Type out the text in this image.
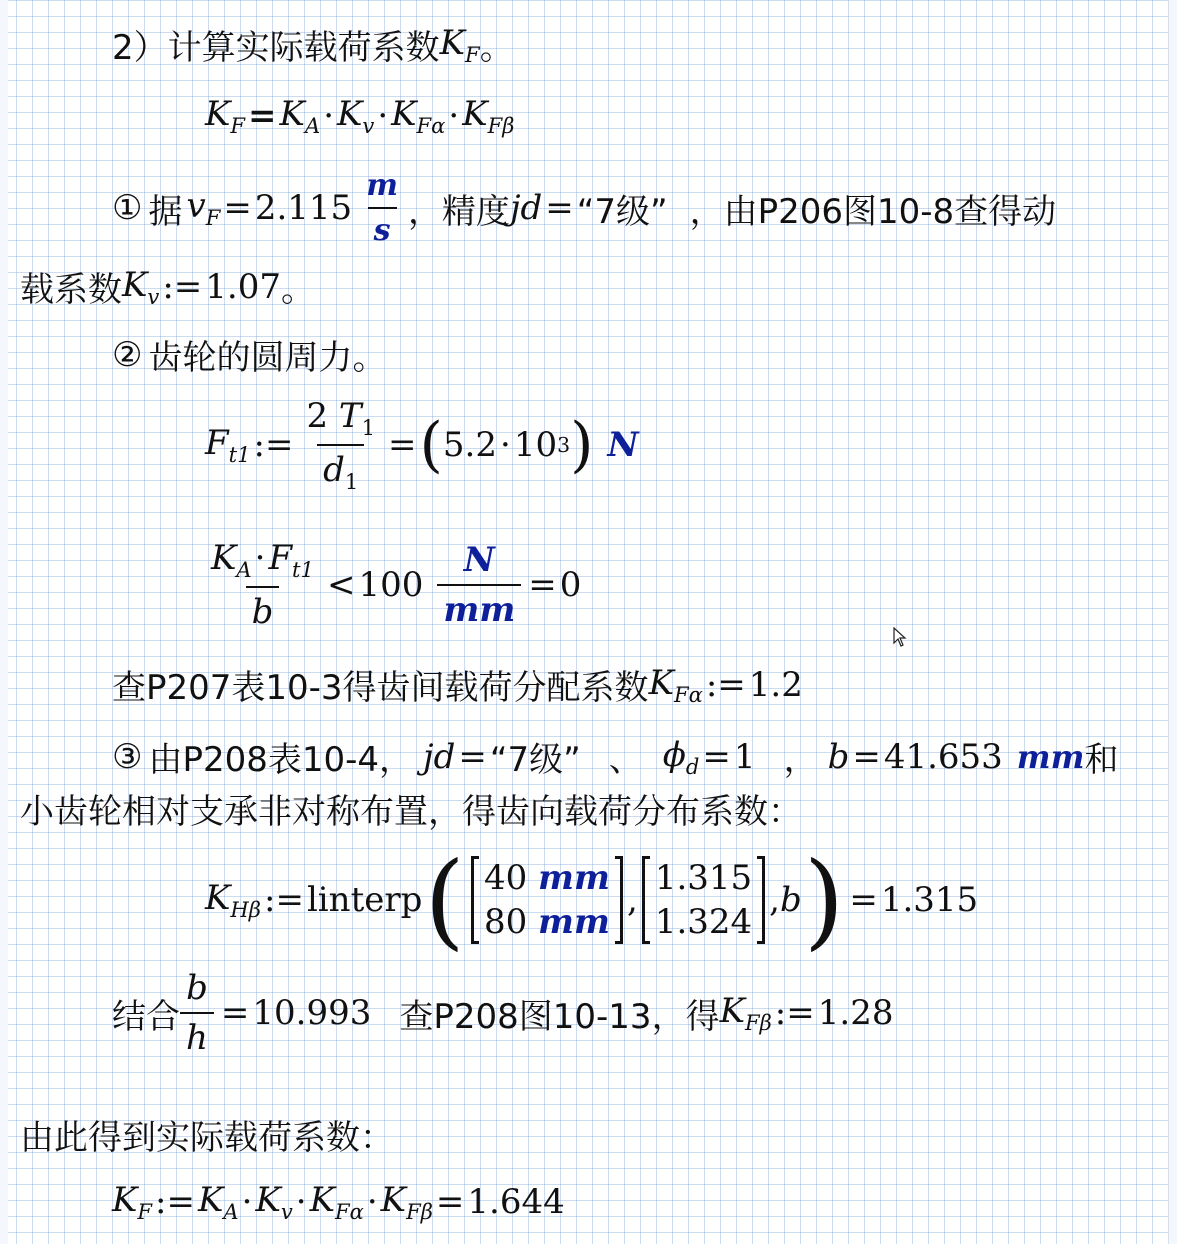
2）计算实际载荷系数 $K_F$ 。
$K_F = K_A \cdot K_v \cdot K_{F\alpha} \cdot K_{F\beta}$
① 据 $v_F = 2.115 \frac{m}{s}$ ，精度 jd = “7级” ，由P206图10-8查得动
载系数 $K_v$ := 1.07 。
② 齿轮的圆周力。
$F_{t1}$ := $\frac{2 T_1}{d_1}$ = ( 5.2 · 10 3 ) N
$\frac{K_A\cdot F_{t1}}{b} < 100 \frac{N}{mm} = 0$
查P207表10-3得齿间载荷分配系数 $K_{F\alpha}$ := 1.2
③ 由P208表10-4， jd = “7级” 、 $\phi_d = 1$ ， b = 41.653 mm 和
小齿轮相对支承非对称布置，得齿向载荷分布系数：
$K_{H\beta}$ := linterp ( 40 mm
80 mm
,
1.315
1.324
, b ) = 1.315
结合 $\frac{b}{h} = 10.993$ 查P208图10-13，得 $K_{F\beta}$ := 1.28
由此得到实际载荷系数：
$K_F$ := $K_A \cdot K_v \cdot K_{F\alpha} \cdot K_{F\beta} = 1.644$
